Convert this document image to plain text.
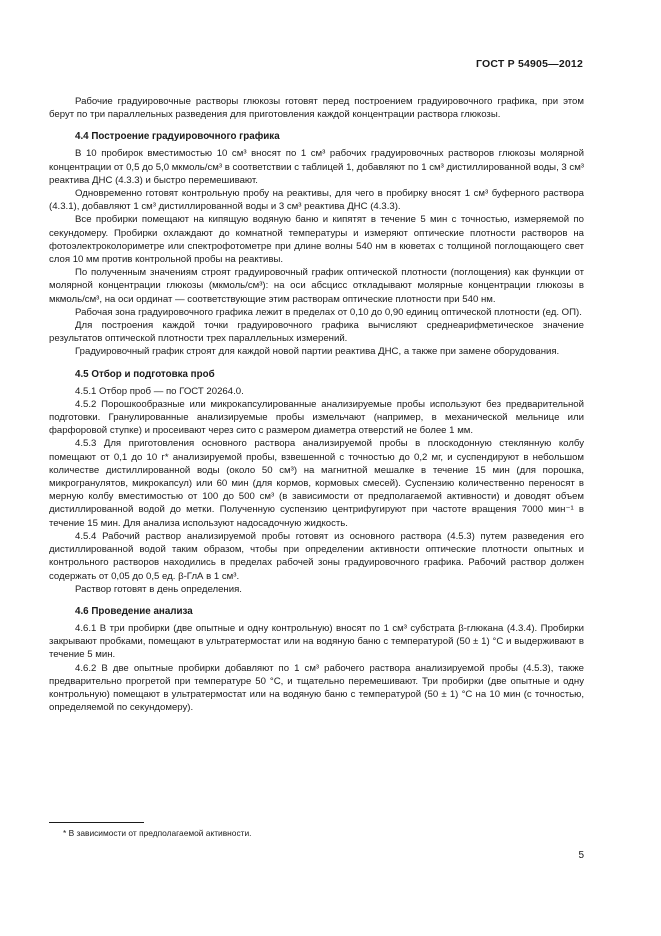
ГОСТ Р 54905—2012

Рабочие градуировочные растворы глюкозы готовят перед построением градуировочного графика, при этом берут по три параллельных разведения для приготовления каждой концентрации раствора глюкозы.

4.4 Построение градуировочного графика

В 10 пробирок вместимостью 10 см³ вносят по 1 см³ рабочих градуировочных растворов глюкозы молярной концентрации от 0,5 до 5,0 мкмоль/см³ в соответствии с таблицей 1, добавляют по 1 см³ дистиллированной воды, 3 см³ реактива ДНС (4.3.3) и быстро перемешивают.

Одновременно готовят контрольную пробу на реактивы, для чего в пробирку вносят 1 см³ буферного раствора (4.3.1), добавляют 1 см³ дистиллированной воды и 3 см³ реактива ДНС (4.3.3).

Все пробирки помещают на кипящую водяную баню и кипятят в течение 5 мин с точностью, измеряемой по секундомеру. Пробирки охлаждают до комнатной температуры и измеряют оптические плотности растворов на фотоэлектроколориметре или спектрофотометре при длине волны 540 нм в кюветах с толщиной поглощающего свет слоя 10 мм против контрольной пробы на реактивы.

По полученным значениям строят градуировочный график оптической плотности (поглощения) как функции от молярной концентрации глюкозы (мкмоль/см³): на оси абсцисс откладывают молярные концентрации глюкозы в мкмоль/см³, на оси ординат — соответствующие этим растворам оптические плотности при 540 нм.

Рабочая зона градуировочного графика лежит в пределах от 0,10 до 0,90 единиц оптической плотности (ед. ОП).

Для построения каждой точки градуировочного графика вычисляют среднеарифметическое значение результатов оптической плотности трех параллельных измерений.

Градуировочный график строят для каждой новой партии реактива ДНС, а также при замене оборудования.

4.5 Отбор и подготовка проб

4.5.1 Отбор проб — по ГОСТ 20264.0.

4.5.2 Порошкообразные или микрокапсулированные анализируемые пробы используют без предварительной подготовки. Гранулированные анализируемые пробы измельчают (например, в механической мельнице или фарфоровой ступке) и просеивают через сито с размером диаметра отверстий не более 1 мм.

4.5.3 Для приготовления основного раствора анализируемой пробы в плоскодонную стеклянную колбу помещают от 0,1 до 10 г* анализируемой пробы, взвешенной с точностью до 0,2 мг, и суспендируют в небольшом количестве дистиллированной воды (около 50 см³) на магнитной мешалке в течение 15 мин (для порошка, микрогранулятов, микрокапсул) или 60 мин (для кормов, кормовых смесей). Суспензию количественно переносят в мерную колбу вместимостью от 100 до 500 см³ (в зависимости от предполагаемой активности) и доводят объем дистиллированной водой до метки. Полученную суспензию центрифугируют при частоте вращения 7000 мин⁻¹ в течение 15 мин. Для анализа используют надосадочную жидкость.

4.5.4 Рабочий раствор анализируемой пробы готовят из основного раствора (4.5.3) путем разведения его дистиллированной водой таким образом, чтобы при определении активности оптические плотности опытных и контрольного растворов находились в пределах рабочей зоны градуировочного графика. Рабочий раствор должен содержать от 0,05 до 0,5 ед. β-ГлА в 1 см³.

Раствор готовят в день определения.

4.6 Проведение анализа

4.6.1 В три пробирки (две опытные и одну контрольную) вносят по 1 см³ субстрата β-глюкана (4.3.4). Пробирки закрывают пробками, помещают в ультратермостат или на водяную баню с температурой (50 ± 1) °С и выдерживают в течение 5 мин.

4.6.2 В две опытные пробирки добавляют по 1 см³ рабочего раствора анализируемой пробы (4.5.3), также предварительно прогретой при температуре 50 °С, и тщательно перемешивают. Три пробирки (две опытные и одну контрольную) помещают в ультратермостат или на водяную баню с температурой (50 ± 1) °С на 10 мин (с точностью, определяемой по секундомеру).

* В зависимости от предполагаемой активности.
5
